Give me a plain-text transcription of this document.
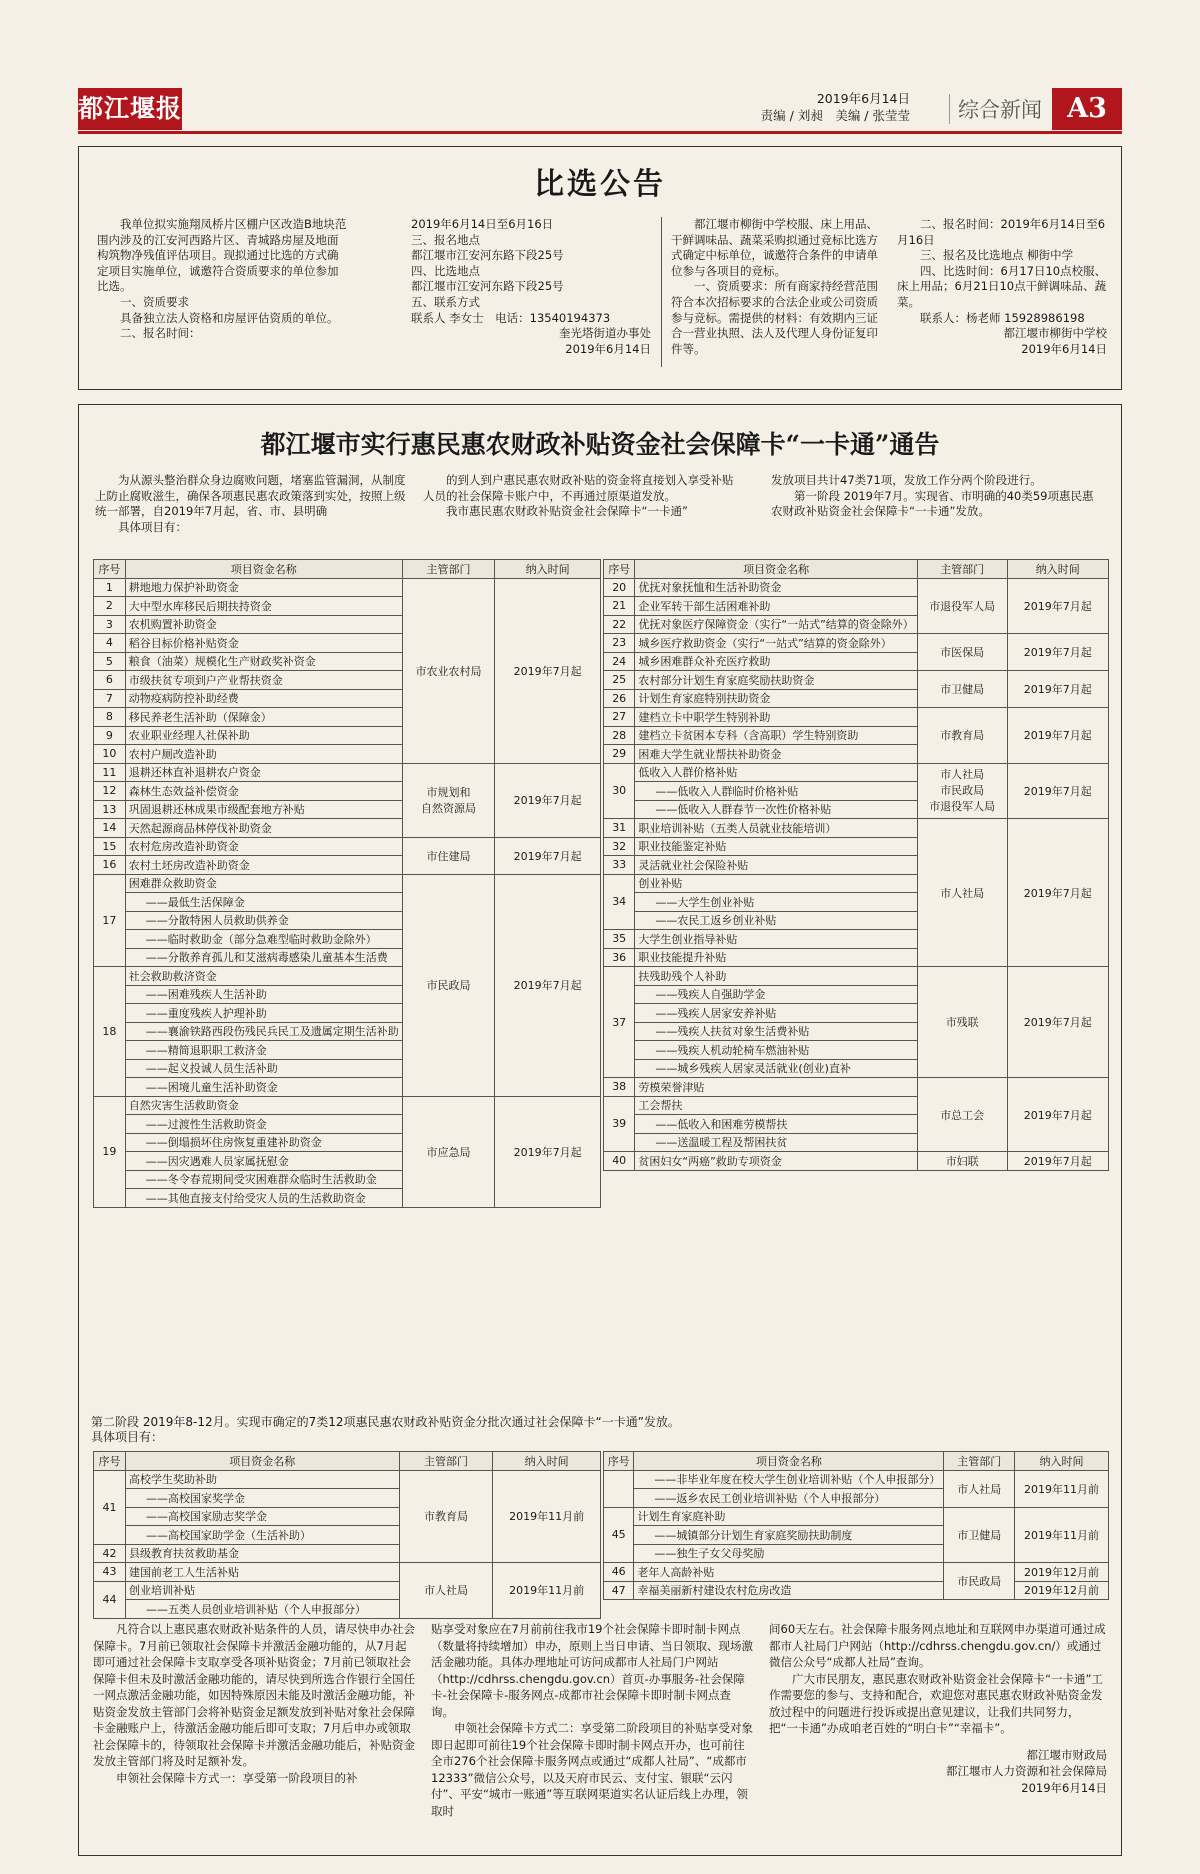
都江堰报	2019年6月14日
责编 / 刘昶　美编 / 张莹莹	综合新闻 A3
比选公告

我单位拟实施翔凤桥片区棚户区改造B地块范围内涉及的江安河西路片区、青城路房屋及地面构筑物净残值评估项目。现拟通过比选的方式确定项目实施单位，诚邀符合资质要求的单位参加比选。

一、资质要求

具备独立法人资格和房屋评估资质的单位。

二、报名时间：

2019年6月14日至6月16日

三、报名地点

都江堰市江安河东路下段25号

四、比选地点

都江堰市江安河东路下段25号

五、联系方式

联系人 李女士　电话：13540194373

奎光塔街道办事处

2019年6月14日

都江堰市柳街中学校服、床上用品、干鲜调味品、蔬菜采购拟通过竞标比选方式确定中标单位，诚邀符合条件的申请单位参与各项目的竞标。

一、资质要求：所有商家持经营范围符合本次招标要求的合法企业或公司资质参与竞标。需提供的材料：有效期内三证合一营业执照、法人及代理人身份证复印件等。

二、报名时间：2019年6月14日至6月16日

三、报名及比选地点 柳街中学

四、比选时间：6月17日10点校服、床上用品；6月21日10点干鲜调味品、蔬菜。

联系人：杨老师 15928986198

都江堰市柳街中学校

2019年6月14日

都江堰市实行惠民惠农财政补贴资金社会保障卡“一卡通”通告

为从源头整治群众身边腐败问题，堵塞监管漏洞，从制度上防止腐败滋生，确保各项惠民惠农政策落到实处，按照上级统一部署，自2019年7月起，省、市、县明确

具体项目有：

的到人到户惠民惠农财政补贴的资金将直接划入享受补贴人员的社会保障卡账户中，不再通过原渠道发放。

我市惠民惠农财政补贴资金社会保障卡“一卡通”

发放项目共计47类71项，发放工作分两个阶段进行。

第一阶段 2019年7月。实现省、市明确的40类59项惠民惠农财政补贴资金社会保障卡“一卡通”发放。

序号	项目资金名称	主管部门	纳入时间
1	耕地地力保护补助资金	市农业农村局	2019年7月起
2	大中型水库移民后期扶持资金		
3	农机购置补助资金		
4	稻谷目标价格补贴资金		
5	粮食（油菜）规模化生产财政奖补资金		
6	市级扶贫专项到户产业帮扶资金		
7	动物疫病防控补助经费		
8	移民养老生活补助（保障金）		
9	农业职业经理人社保补助		
10	农村户厕改造补助		
11	退耕还林直补退耕农户资金	市规划和
自然资源局	2019年7月起
12	森林生态效益补偿资金		
13	巩固退耕还林成果市级配套地方补贴		
14	天然起源商品林停伐补助资金		
15	农村危房改造补助资金	市住建局	2019年7月起
16	农村土坯房改造补助资金		
17	困难群众救助资金	市民政局	2019年7月起
	——最低生活保障金		
	——分散特困人员救助供养金		
	——临时救助金（部分急难型临时救助金除外）		
	——分散养育孤儿和艾滋病毒感染儿童基本生活费		
18	社会救助救济资金		
	——困难残疾人生活补助		
	——重度残疾人护理补助		
	——襄渝铁路西段伤残民兵民工及遗属定期生活补助		
	——精简退职职工救济金		
	——起义投诚人员生活补助		
	——困境儿童生活补助资金		
19	自然灾害生活救助资金	市应急局	2019年7月起
	——过渡性生活救助资金		
	——倒塌损坏住房恢复重建补助资金		
	——因灾遇难人员家属抚慰金		
	——冬令春荒期间受灾困难群众临时生活救助金		
	——其他直接支付给受灾人员的生活救助资金		
序号	项目资金名称	主管部门	纳入时间
20	优抚对象抚恤和生活补助资金	市退役军人局	2019年7月起
21	企业军转干部生活困难补助		
22	优抚对象医疗保障资金（实行“一站式”结算的资金除外）		
23	城乡医疗救助资金（实行“一站式”结算的资金除外）	市医保局	2019年7月起
24	城乡困难群众补充医疗救助		
25	农村部分计划生育家庭奖励扶助资金	市卫健局	2019年7月起
26	计划生育家庭特别扶助资金		
27	建档立卡中职学生特别补助	市教育局	2019年7月起
28	建档立卡贫困本专科（含高职）学生特别资助		
29	困难大学生就业帮扶补助资金		
30	低收入人群价格补贴	市人社局
市民政局
市退役军人局	2019年7月起
	——低收入人群临时价格补贴		
	——低收入人群春节一次性价格补贴		
31	职业培训补贴（五类人员就业技能培训）	市人社局	2019年7月起
32	职业技能鉴定补贴		
33	灵活就业社会保险补贴		
34	创业补贴		
	——大学生创业补贴		
	——农民工返乡创业补贴		
35	大学生创业指导补贴		
36	职业技能提升补贴		
37	扶残助残个人补助	市残联	2019年7月起
	——残疾人自强助学金		
	——残疾人居家安养补贴		
	——残疾人扶贫对象生活费补贴		
	——残疾人机动轮椅车燃油补贴		
	——城乡残疾人居家灵活就业(创业)直补		
38	劳模荣誉津贴	市总工会	2019年7月起
39	工会帮扶		
	——低收入和困难劳模帮扶		
	——送温暖工程及帮困扶贫		
40	贫困妇女“两癌”救助专项资金	市妇联	2019年7月起
第二阶段 2019年8-12月。实现市确定的7类12项惠民惠农财政补贴资金分批次通过社会保障卡“一卡通”发放。
具体项目有：
序号	项目资金名称	主管部门	纳入时间
41	高校学生奖助补助	市教育局	2019年11月前
	——高校国家奖学金		
	——高校国家励志奖学金		
	——高校国家助学金（生活补助）		
42	县级教育扶贫救助基金		
43	建国前老工人生活补贴	市人社局	2019年11月前
44	创业培训补贴		
	——五类人员创业培训补贴（个人申报部分）		
序号	项目资金名称	主管部门	纳入时间
	——非毕业年度在校大学生创业培训补贴（个人申报部分）	市人社局	2019年11月前
	——返乡农民工创业培训补贴（个人申报部分）		
45	计划生育家庭补助	市卫健局	2019年11月前
	——城镇部分计划生育家庭奖励扶助制度		
	——独生子女父母奖励		
46	老年人高龄补贴	市民政局	2019年12月前
47	幸福美丽新村建设农村危房改造		2019年12月前

凡符合以上惠民惠农财政补贴条件的人员，请尽快申办社会保障卡。7月前已领取社会保障卡并激活金融功能的，从7月起即可通过社会保障卡支取享受各项补贴资金；7月前已领取社会保障卡但未及时激活金融功能的，请尽快到所选合作银行全国任一网点激活金融功能，如因特殊原因未能及时激活金融功能，补贴资金发放主管部门会将补贴资金足额发放到补贴对象社会保障卡金融账户上，待激活金融功能后即可支取；7月后申办或领取社会保障卡的，待领取社会保障卡并激活金融功能后，补贴资金发放主管部门将及时足额补发。

申领社会保障卡方式一：享受第一阶段项目的补

贴享受对象应在7月前前往我市19个社会保障卡即时制卡网点（数量将持续增加）申办，原则上当日申请、当日领取、现场激活金融功能。具体办理地址可访问成都市人社局门户网站（http://cdhrss.chengdu.gov.cn）首页-办事服务-社会保障卡-社会保障卡-服务网点-成都市社会保障卡即时制卡网点查询。

申领社会保障卡方式二：享受第二阶段项目的补贴享受对象即日起即可前往19个社会保障卡即时制卡网点开办，也可前往全市276个社会保障卡服务网点或通过“成都人社局”、“成都市12333”微信公众号，以及天府市民云、支付宝、银联“云闪付”、平安“城市一账通”等互联网渠道实名认证后线上办理，领取时

间60天左右。社会保障卡服务网点地址和互联网申办渠道可通过成都市人社局门户网站（http://cdhrss.chengdu.gov.cn/）或通过微信公众号“成都人社局”查询。

广大市民朋友，惠民惠农财政补贴资金社会保障卡“一卡通”工作需要您的参与、支持和配合，欢迎您对惠民惠农财政补贴资金发放过程中的问题进行投诉或提出意见建议，让我们共同努力，把“一卡通”办成咱老百姓的“明白卡”“幸福卡”。

都江堰市财政局

都江堰市人力资源和社会保障局

2019年6月14日
